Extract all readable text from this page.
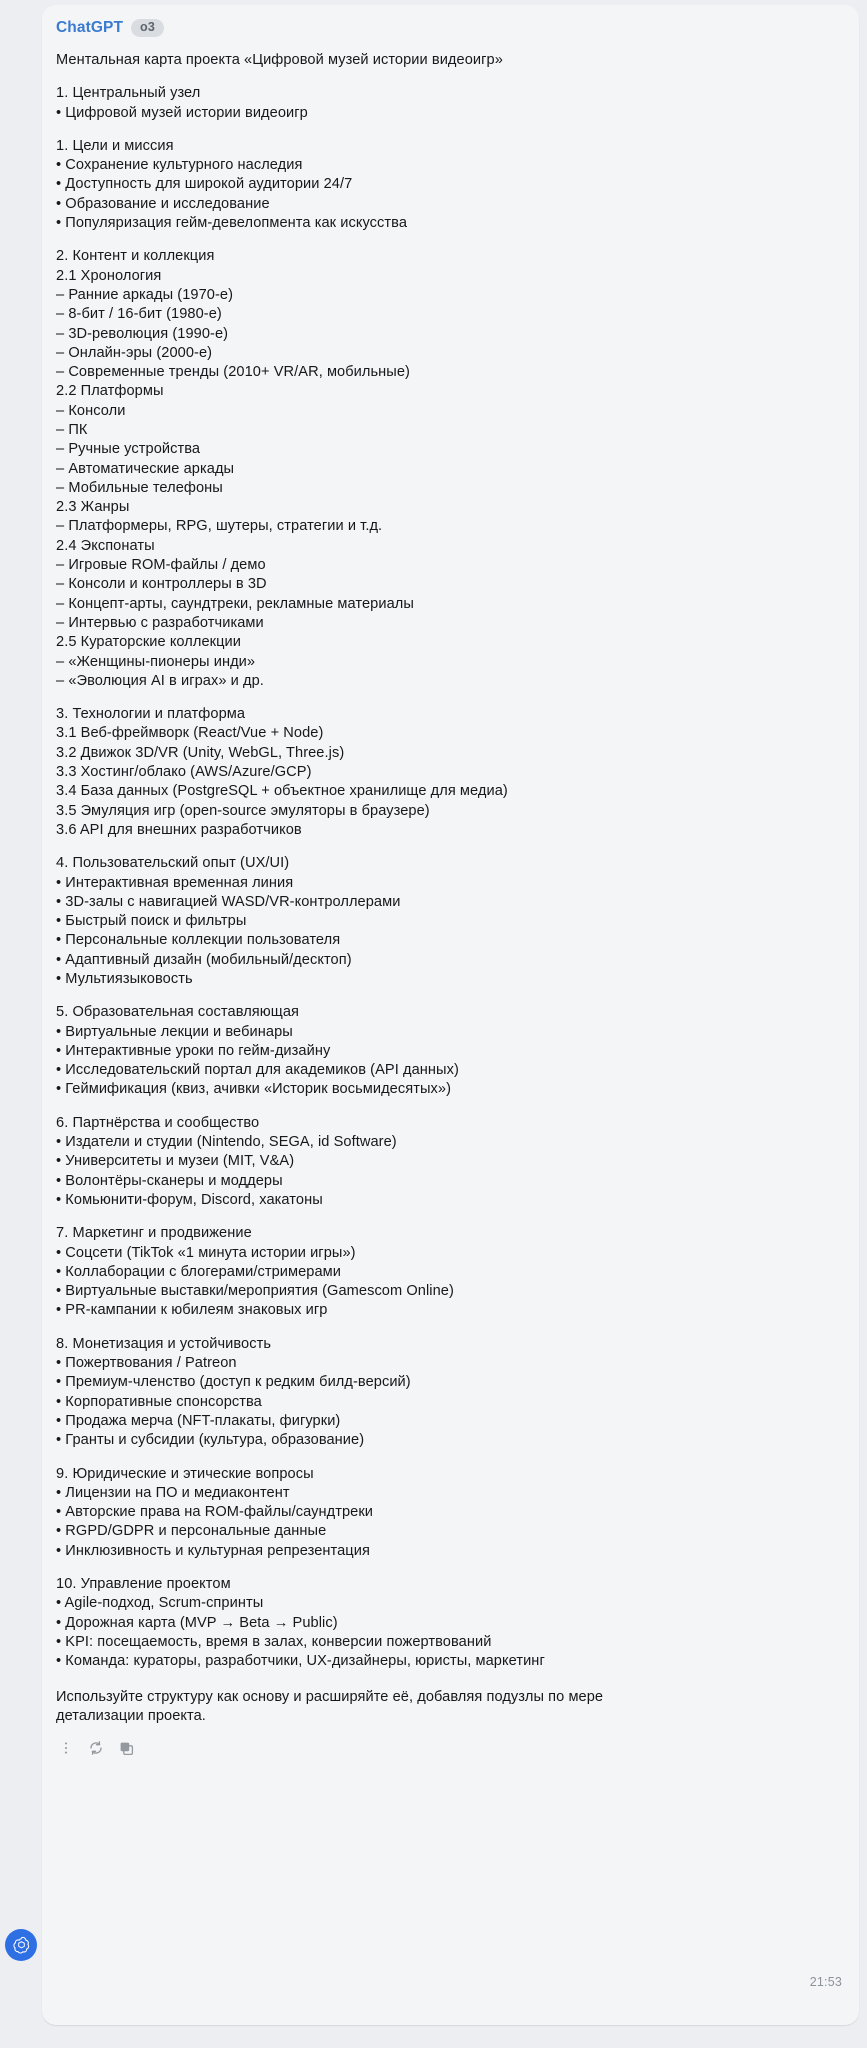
ChatGPT	o3
Ментальная карта проекта «Цифровой музей истории видеоигр»
1. Центральный узел
• Цифровой музей истории видеоигр
1. Цели и миссия
• Сохранение культурного наследия
• Доступность для широкой аудитории 24/7
• Образование и исследование
• Популяризация гейм-девелопмента как искусства
2. Контент и коллекция
2.1 Хронология
– Ранние аркады (1970-е)
– 8-бит / 16-бит (1980-е)
– 3D-революция (1990-е)
– Онлайн-эры (2000-е)
– Современные тренды (2010+ VR/AR, мобильные)
2.2 Платформы
– Консоли
– ПК
– Ручные устройства
– Автоматические аркады
– Мобильные телефоны
2.3 Жанры
– Платформеры, RPG, шутеры, стратегии и т.д.
2.4 Экспонаты
– Игровые ROM-файлы / демо
– Консоли и контроллеры в 3D
– Концепт-арты, саундтреки, рекламные материалы
– Интервью с разработчиками
2.5 Кураторские коллекции
– «Женщины-пионеры инди»
– «Эволюция AI в играх» и др.
3. Технологии и платформа
3.1 Веб-фреймворк (React/Vue + Node)
3.2 Движок 3D/VR (Unity, WebGL, Three.js)
3.3 Хостинг/облако (AWS/Azure/GCP)
3.4 База данных (PostgreSQL + объектное хранилище для медиа)
3.5 Эмуляция игр (open-source эмуляторы в браузере)
3.6 API для внешних разработчиков
4. Пользовательский опыт (UX/UI)
• Интерактивная временная линия
• 3D-залы с навигацией WASD/VR-контроллерами
• Быстрый поиск и фильтры
• Персональные коллекции пользователя
• Адаптивный дизайн (мобильный/десктоп)
• Мультиязыковость
5. Образовательная составляющая
• Виртуальные лекции и вебинары
• Интерактивные уроки по гейм-дизайну
• Исследовательский портал для академиков (API данных)
• Геймификация (квиз, ачивки «Историк восьмидесятых»)
6. Партнёрства и сообщество
• Издатели и студии (Nintendo, SEGA, id Software)
• Университеты и музеи (MIT, V&A)
• Волонтёры-сканеры и моддеры
• Комьюнити-форум, Discord, хакатоны
7. Маркетинг и продвижение
• Соцсети (TikTok «1 минута истории игры»)
• Коллаборации с блогерами/стримерами
• Виртуальные выставки/мероприятия (Gamescom Online)
• PR-кампании к юбилеям знаковых игр
8. Монетизация и устойчивость
• Пожертвования / Patreon
• Премиум-членство (доступ к редким билд-версий)
• Корпоративные спонсорства
• Продажа мерча (NFT-плакаты, фигурки)
• Гранты и субсидии (культура, образование)
9. Юридические и этические вопросы
• Лицензии на ПО и медиаконтент
• Авторские права на ROM-файлы/саундтреки
• RGPD/GDPR и персональные данные
• Инклюзивность и культурная репрезентация
10. Управление проектом
• Agile-подход, Scrum-спринты
• Дорожная карта (MVP → Beta → Public)
• KPI: посещаемость, время в залах, конверсии пожертвований
• Команда: кураторы, разработчики, UX-дизайнеры, юристы, маркетинг
Используйте структуру как основу и расширяйте её, добавляя подузлы по мере детализации проекта.
21:53
